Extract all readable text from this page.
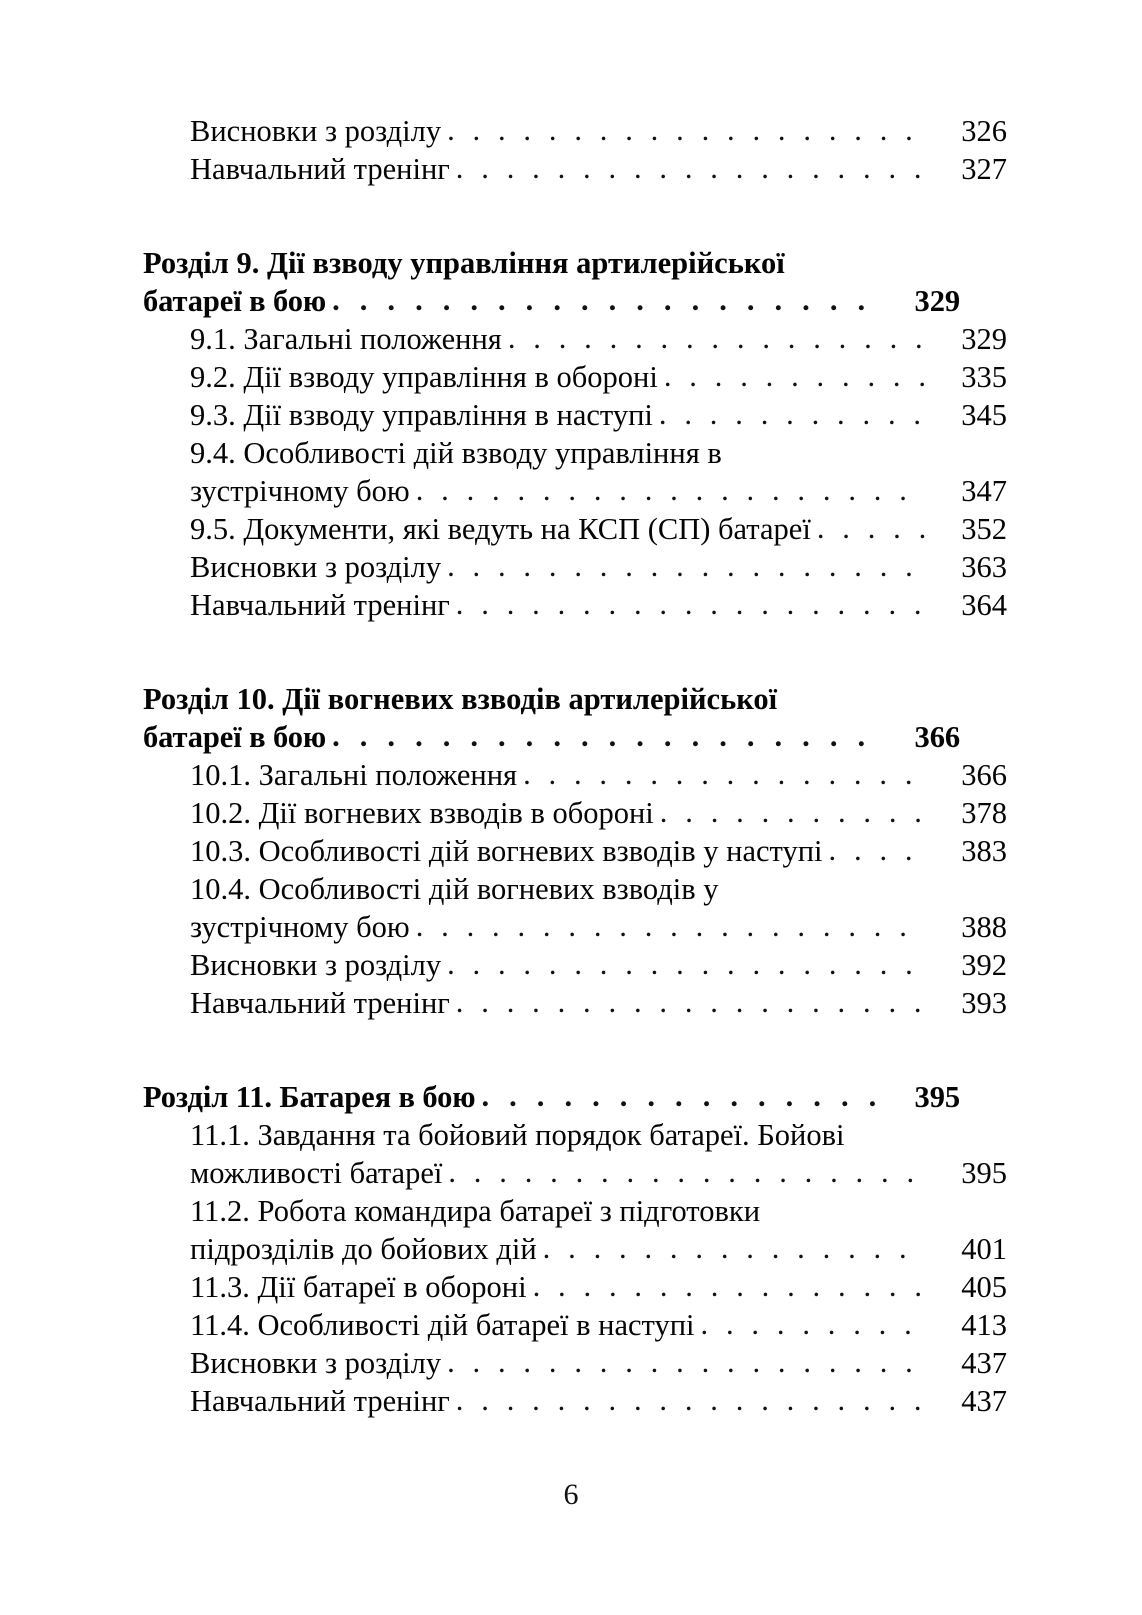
Висновки з розділу . . .	326
Навчальний тренінг . . .	327
Розділ 9. Дії взводу управління артилерійської
батареї в бою . . .	329
9.1. Загальні положення . . .	329
9.2. Дії взводу управління в обороні . . .	335
9.3. Дії взводу управління в наступі . . .	345
9.4. Особливості дій взводу управління в
зустрічному бою . . .	347
9.5. Документи, які ведуть на КСП (СП) батареї . . .	352
Висновки з розділу . . .	363
Навчальний тренінг . . .	364
Розділ 10. Дії вогневих взводів артилерійської
батареї в бою . . .	366
10.1. Загальні положення . . .	366
10.2. Дії вогневих взводів в обороні . . .	378
10.3. Особливості дій вогневих взводів у наступі . . .	383
10.4. Особливості дій вогневих взводів у
зустрічному бою . . .	388
Висновки з розділу . . .	392
Навчальний тренінг . . .	393
Розділ 11. Батарея в бою . . .	395
11.1. Завдання та бойовий порядок батареї. Бойові
можливості батареї . . .	395
11.2. Робота командира батареї з підготовки
підрозділів до бойових дій . . .	401
11.3. Дії батареї в обороні . . .	405
11.4. Особливості дій батареї в наступі . . .	413
Висновки з розділу . . .	437
Навчальний тренінг . . .	437
6
